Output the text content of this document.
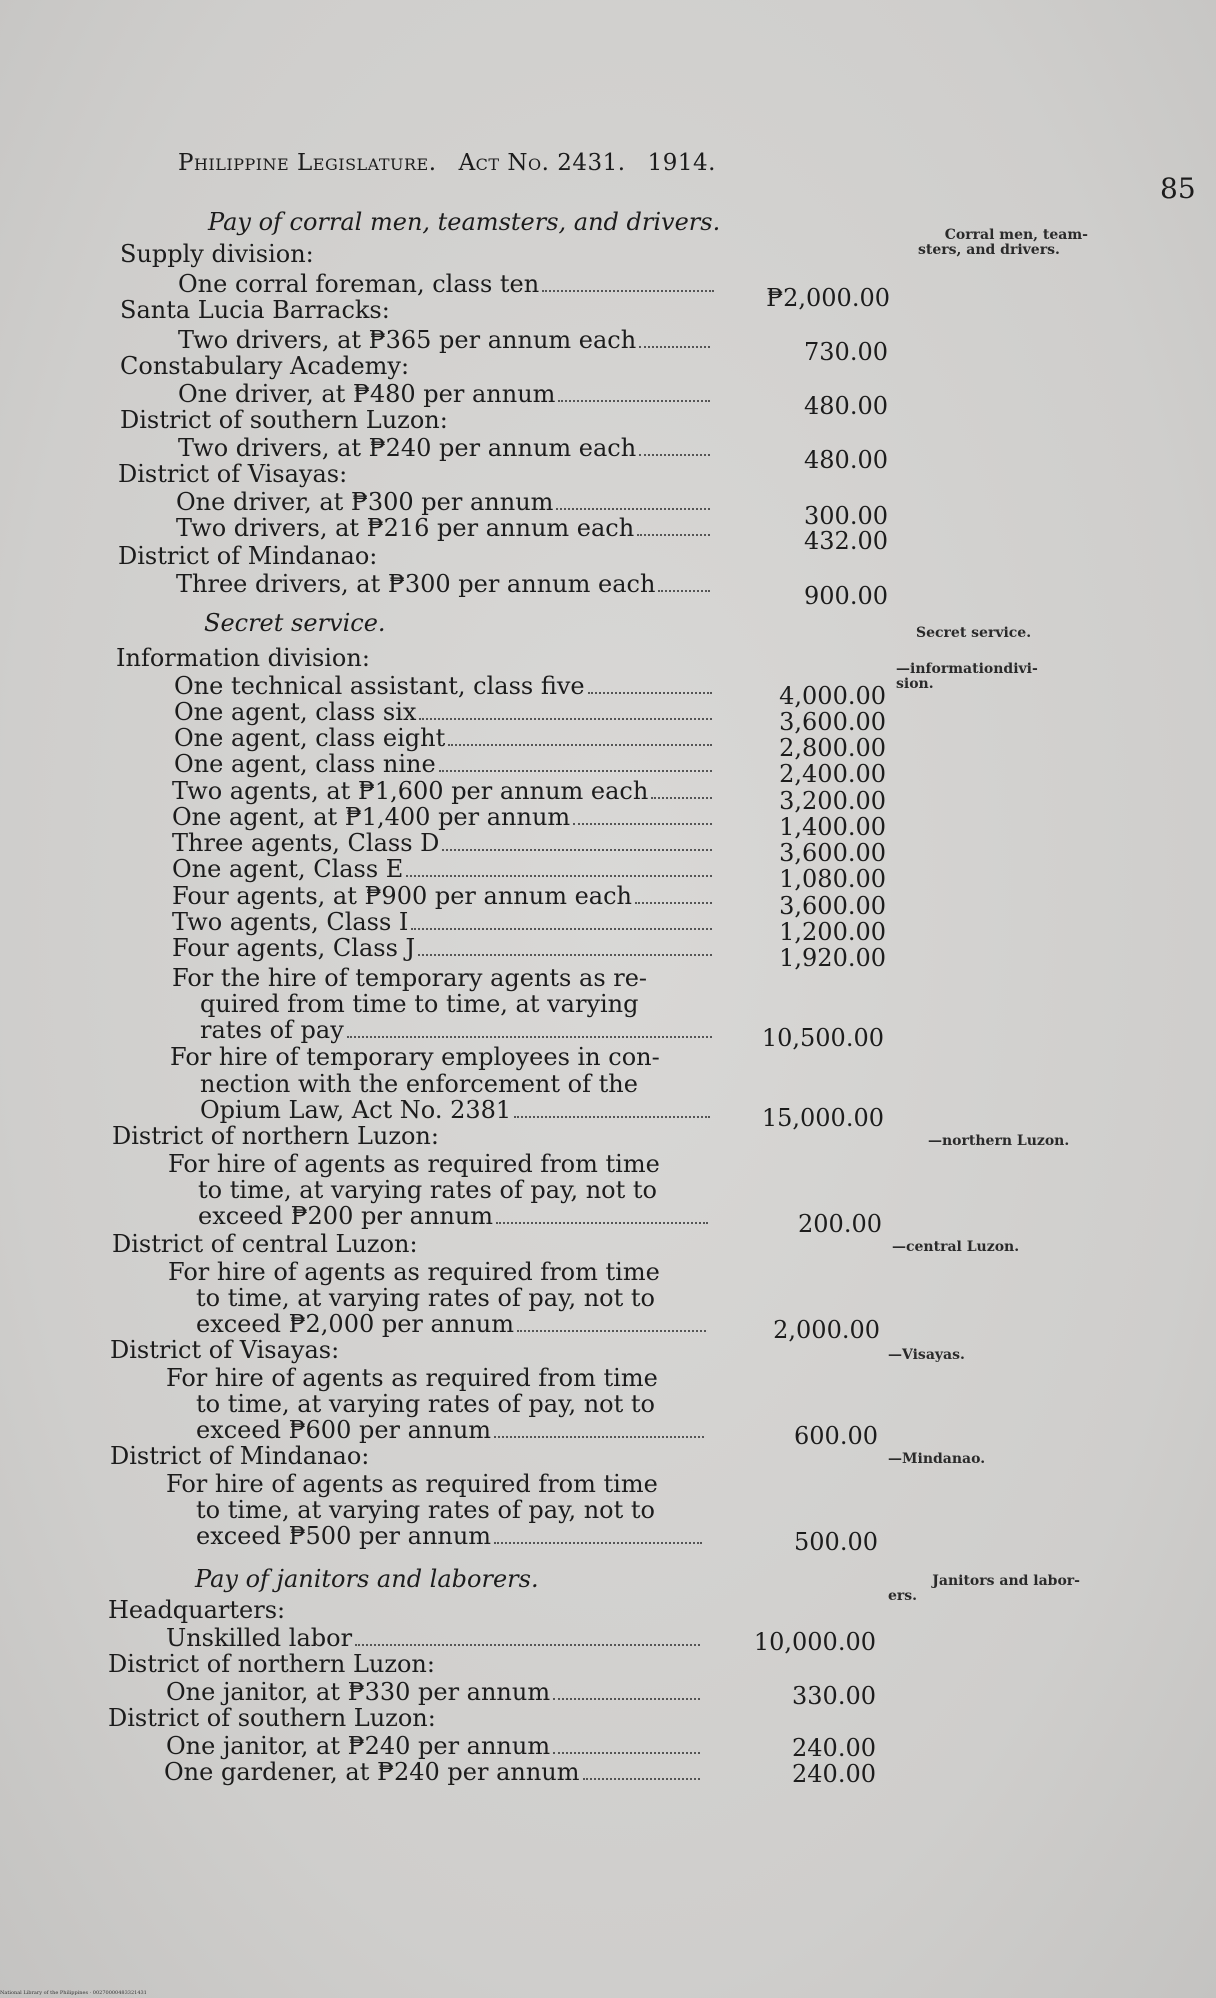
Philippine Legislature. Act No. 2431. 1914.
85
Pay of corral men, teamsters, and drivers.
Secret service.
Pay of janitors and laborers.
Supply division:
One corral foreman, class ten	₱2,000.00
Santa Lucia Barracks:
Two drivers, at ₱365 per annum each	730.00
Constabulary Academy:
One driver, at ₱480 per annum	480.00
District of southern Luzon:
Two drivers, at ₱240 per annum each	480.00
District of Visayas:
One driver, at ₱300 per annum	300.00
Two drivers, at ₱216 per annum each	432.00
District of Mindanao:
Three drivers, at ₱300 per annum each	900.00
Information division:
One technical assistant, class five	4,000.00
One agent, class six	3,600.00
One agent, class eight	2,800.00
One agent, class nine	2,400.00
Two agents, at ₱1,600 per annum each	3,200.00
One agent, at ₱1,400 per annum	1,400.00
Three agents, Class D	3,600.00
One agent, Class E	1,080.00
Four agents, at ₱900 per annum each	3,600.00
Two agents, Class I	1,200.00
Four agents, Class J	1,920.00
For the hire of temporary agents as re-
quired from time to time, at varying
rates of pay	10,500.00
For hire of temporary employees in con-
nection with the enforcement of the
Opium Law, Act No. 2381	15,000.00
District of northern Luzon:
For hire of agents as required from time
to time, at varying rates of pay, not to
exceed ₱200 per annum	200.00
District of central Luzon:
For hire of agents as required from time
to time, at varying rates of pay, not to
exceed ₱2,000 per annum	2,000.00
District of Visayas:
For hire of agents as required from time
to time, at varying rates of pay, not to
exceed ₱600 per annum	600.00
District of Mindanao:
For hire of agents as required from time
to time, at varying rates of pay, not to
exceed ₱500 per annum	500.00
Headquarters:
Unskilled labor	10,000.00
District of northern Luzon:
One janitor, at ₱330 per annum	330.00
District of southern Luzon:
One janitor, at ₱240 per annum	240.00
One gardener, at ₱240 per annum	240.00
Corral men, team-
sters, and drivers.
Secret service.
—informationdivi-
sion.
—northern Luzon.
—central Luzon.
—Visayas.
—Mindanao.
Janitors and labor-
ers.
National Library of the Philippines · 00270000483321431
